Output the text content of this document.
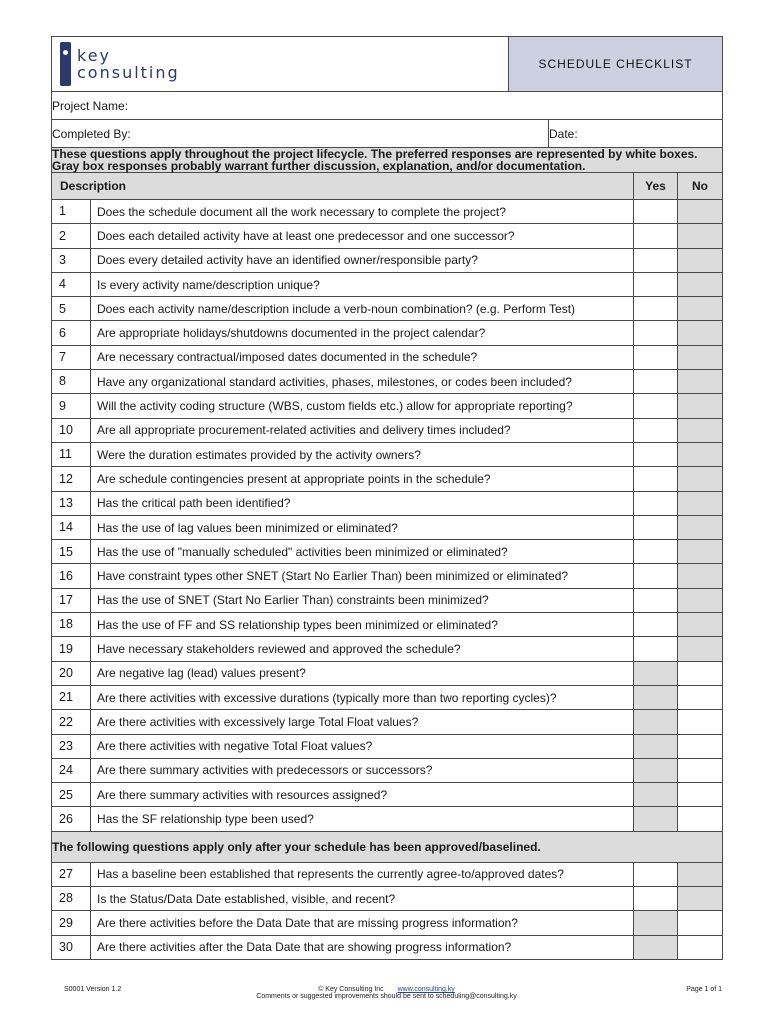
key
consulting		SCHEDULE CHECKLIST			
Project Name:					
Completed By:			Date:		
These questions apply throughout the project lifecycle. The preferred responses are represented by white boxes. Gray box responses probably warrant further discussion, explanation, and/or documentation.					
Description				Yes	No
1	Does the schedule document all the work necessary to complete the project?				
2	Does each detailed activity have at least one predecessor and one successor?				
3	Does every detailed activity have an identified owner/responsible party?				
4	Is every activity name/description unique?				
5	Does each activity name/description include a verb-noun combination? (e.g. Perform Test)				
6	Are appropriate holidays/shutdowns documented in the project calendar?				
7	Are necessary contractual/imposed dates documented in the schedule?				
8	Have any organizational standard activities, phases, milestones, or codes been included?				
9	Will the activity coding structure (WBS, custom fields etc.) allow for appropriate reporting?				
10	Are all appropriate procurement-related activities and delivery times included?				
11	Were the duration estimates provided by the activity owners?				
12	Are schedule contingencies present at appropriate points in the schedule?				
13	Has the critical path been identified?				
14	Has the use of lag values been minimized or eliminated?				
15	Has the use of "manually scheduled" activities been minimized or eliminated?				
16	Have constraint types other SNET (Start No Earlier Than) been minimized or eliminated?				
17	Has the use of SNET (Start No Earlier Than) constraints been minimized?				
18	Has the use of FF and SS relationship types been minimized or eliminated?				
19	Have necessary stakeholders reviewed and approved the schedule?				
20	Are negative lag (lead) values present?				
21	Are there activities with excessive durations (typically more than two reporting cycles)?				
22	Are there activities with excessively large Total Float values?				
23	Are there activities with negative Total Float values?				
24	Are there summary activities with predecessors or successors?				
25	Are there summary activities with resources assigned?				
26	Has the SF relationship type been used?				
The following questions apply only after your schedule has been approved/baselined.					
27	Has a baseline been established that represents the currently agree-to/approved dates?				
28	Is the Status/Data Date established, visible, and recent?				
29	Are there activities before the Data Date that are missing progress information?				
30	Are there activities after the Data Date that are showing progress information?				
S0001 Version 1.2	© Key Consulting Inc www.consulting.ky
Comments or suggested improvements should be sent to scheduling@consulting.ky
Page 1 of 1
